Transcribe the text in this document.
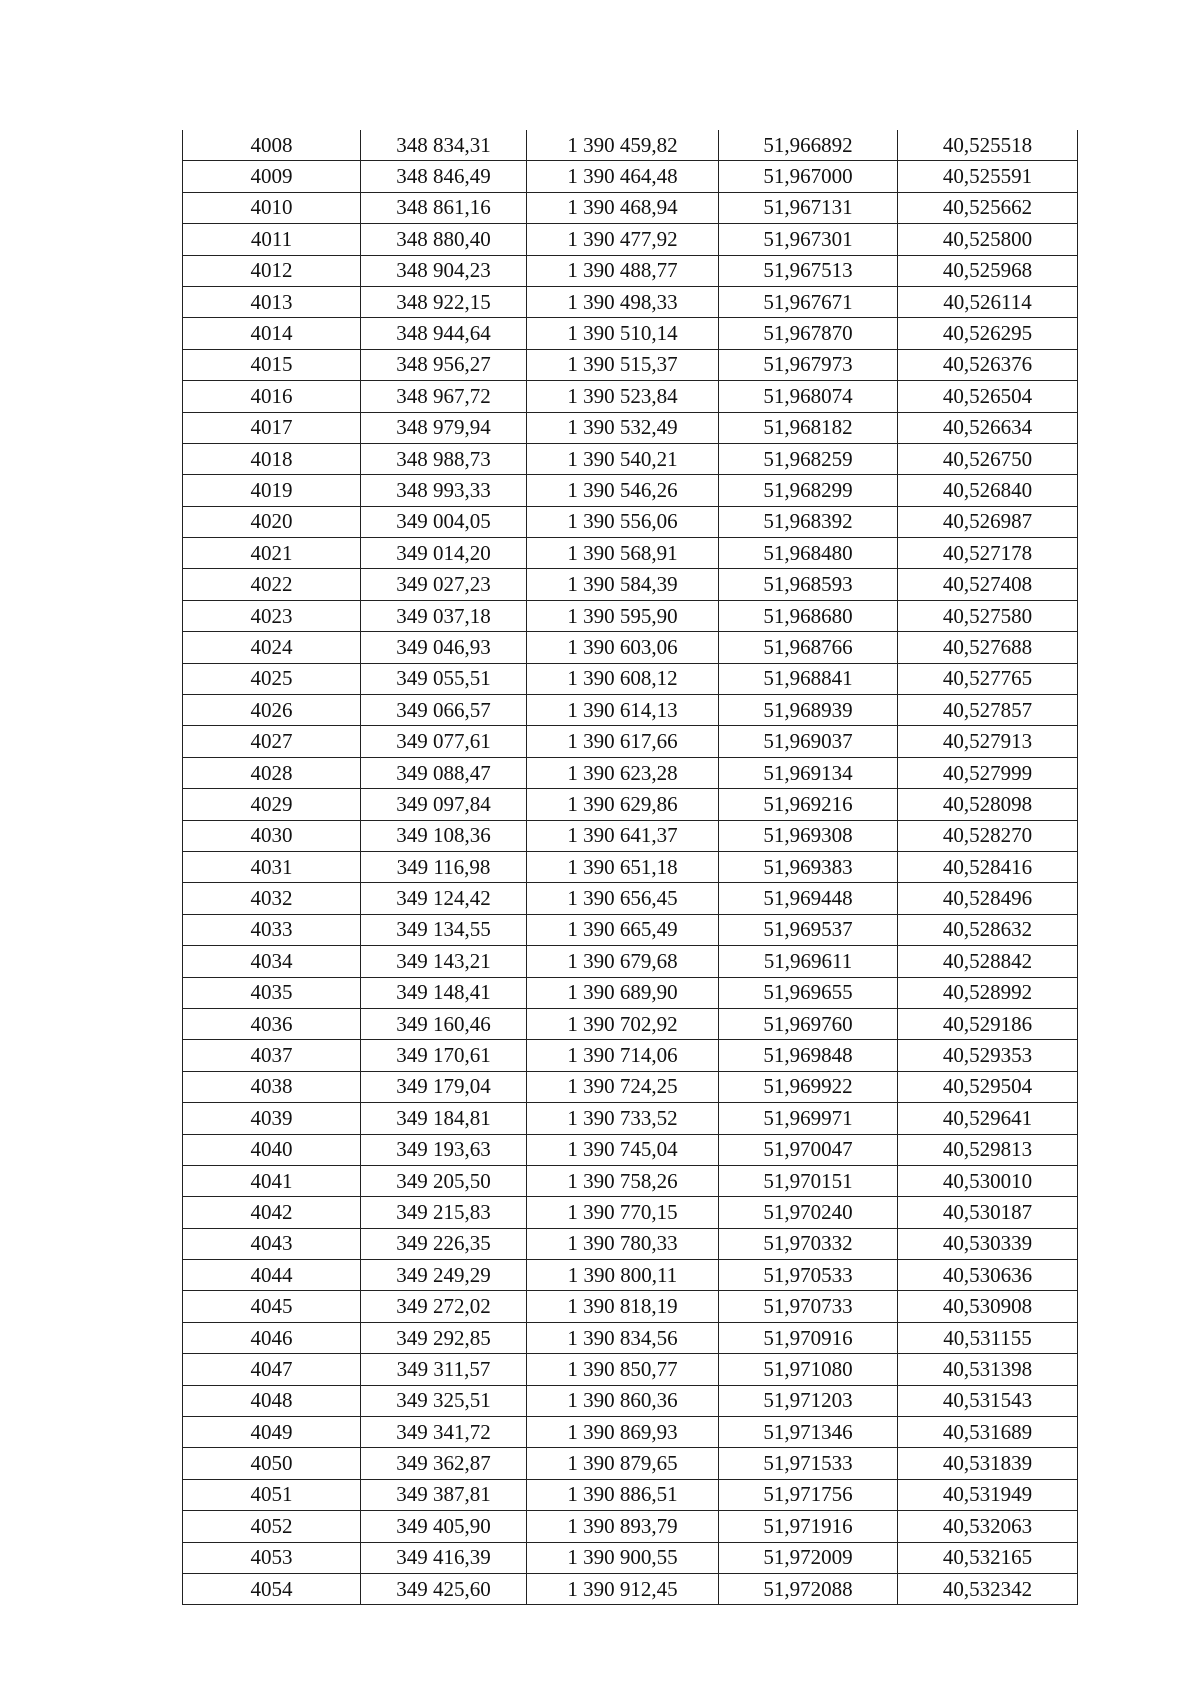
4008	348 834,31	1 390 459,82	51,966892	40,525518
4009	348 846,49	1 390 464,48	51,967000	40,525591
4010	348 861,16	1 390 468,94	51,967131	40,525662
4011	348 880,40	1 390 477,92	51,967301	40,525800
4012	348 904,23	1 390 488,77	51,967513	40,525968
4013	348 922,15	1 390 498,33	51,967671	40,526114
4014	348 944,64	1 390 510,14	51,967870	40,526295
4015	348 956,27	1 390 515,37	51,967973	40,526376
4016	348 967,72	1 390 523,84	51,968074	40,526504
4017	348 979,94	1 390 532,49	51,968182	40,526634
4018	348 988,73	1 390 540,21	51,968259	40,526750
4019	348 993,33	1 390 546,26	51,968299	40,526840
4020	349 004,05	1 390 556,06	51,968392	40,526987
4021	349 014,20	1 390 568,91	51,968480	40,527178
4022	349 027,23	1 390 584,39	51,968593	40,527408
4023	349 037,18	1 390 595,90	51,968680	40,527580
4024	349 046,93	1 390 603,06	51,968766	40,527688
4025	349 055,51	1 390 608,12	51,968841	40,527765
4026	349 066,57	1 390 614,13	51,968939	40,527857
4027	349 077,61	1 390 617,66	51,969037	40,527913
4028	349 088,47	1 390 623,28	51,969134	40,527999
4029	349 097,84	1 390 629,86	51,969216	40,528098
4030	349 108,36	1 390 641,37	51,969308	40,528270
4031	349 116,98	1 390 651,18	51,969383	40,528416
4032	349 124,42	1 390 656,45	51,969448	40,528496
4033	349 134,55	1 390 665,49	51,969537	40,528632
4034	349 143,21	1 390 679,68	51,969611	40,528842
4035	349 148,41	1 390 689,90	51,969655	40,528992
4036	349 160,46	1 390 702,92	51,969760	40,529186
4037	349 170,61	1 390 714,06	51,969848	40,529353
4038	349 179,04	1 390 724,25	51,969922	40,529504
4039	349 184,81	1 390 733,52	51,969971	40,529641
4040	349 193,63	1 390 745,04	51,970047	40,529813
4041	349 205,50	1 390 758,26	51,970151	40,530010
4042	349 215,83	1 390 770,15	51,970240	40,530187
4043	349 226,35	1 390 780,33	51,970332	40,530339
4044	349 249,29	1 390 800,11	51,970533	40,530636
4045	349 272,02	1 390 818,19	51,970733	40,530908
4046	349 292,85	1 390 834,56	51,970916	40,531155
4047	349 311,57	1 390 850,77	51,971080	40,531398
4048	349 325,51	1 390 860,36	51,971203	40,531543
4049	349 341,72	1 390 869,93	51,971346	40,531689
4050	349 362,87	1 390 879,65	51,971533	40,531839
4051	349 387,81	1 390 886,51	51,971756	40,531949
4052	349 405,90	1 390 893,79	51,971916	40,532063
4053	349 416,39	1 390 900,55	51,972009	40,532165
4054	349 425,60	1 390 912,45	51,972088	40,532342
